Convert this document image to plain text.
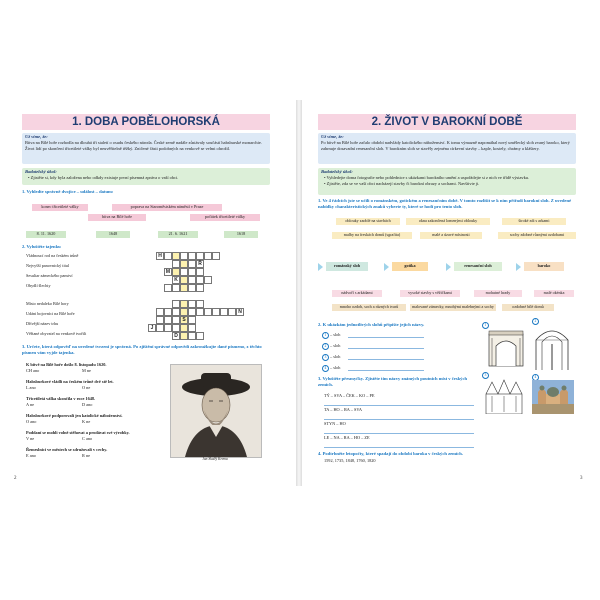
1. DOBA POBĚLOHORSKÁ
Už víme, že:
Bitva na Bílé hoře rozhodla na dlouhá tři staletí o osudu českého národa. České země nadále zůstávaly součástí habsburské monarchie. Život lidí po skončení třicetileté války byl neuvěřitelně těžký. Zničené části podobných na venkově se velmi ohrožil.
Badatelský úkol:
• Zjistěte si, kdy byla založena nebo odkdy existuje první písemná zpráva o vaší obci.
1. Vyhledte správně dvojice – událost – datum:
konec třicetileté války	poprava na Staroměstském náměstí v Praze
bitva na Bílé hoře	počátek třicetileté války
8. 11. 1620	1648	21. 6. 1621	1618
2. Vyluštěte tajenku
Vládnoucí rod na českém trůně
Nejvyšší panovnický titul
Sesuliar zámeckého panství
Obydlí šlechty
Místo nedaleko Bílé hory
Udáni bojovníci na Bílé hoře
Dřívější název trhu
Věřiané obyvatel na venkově tvořili
H
Ř
M
K
N
S
J
D
3. Určete, která odpověď na uvedené tvrzení je správná. Po zjištění správné odpovědi zakroužkujte dané písmeno, z těchto písmen vám vyjde tajenka.
K bitvě na Bílé hoře došlo 8. listopadu 1620.
CH ano	M ne
Habsburkové vládli na českém trůně dvě stě let.
L ano	O ne
Třicetiletá válka skončila v roce 1648.
A ne	D ano
Habsburkové podporovali jen katolické náboženství.
O ano	K ne
Poddaní se mohli volně stěhovat a prodávat své výrobky.
V ne	C ano
Řemeslníci ve městech se sdružovali v cechy.
E ano	R ne
Jan Skallý Krema
2
2. ŽIVOT V BAROKNÍ DOBĚ
Už víme, že:
Po bitvě na Bílé hoře začalo období nadvlády katolického náboženství. K tomu výmazně napomáhal nový umělecký sloh zvaný baroko, který zahrnuje dosavadní renesanční sloh. V barokním sloh se stavěly zejména církevní stavby – kaple, kostely, chrámy a kláštery.
Badatelský úkol:
• Vyhledejte doma fotografie nebo pohlednice s ukázkami barokního umění a uspořádejte si z nich ve třídě výstavku.
• Zjistěte, zda se ve vaší obci nacházejí stavby či barokní obrazy a sochami. Navštivte ji.
1. Ve 4 řádcích jste se učili o románském, gotickém a renesančním době. V tomto rozlišit se k nim přiřadí barokní sloh. Z uvedené nabídky charakteristických znaků vyberte ty, které se hodí pro tento sloh.
oblouky zaoblé na stavbách	okna zakončená lomenými oblouky	široké zdi s arkami
malby na freskách domů (sgrafita)	malé a úzavé místnosti	sochy zdobné různými ozdobami
románský sloh	gotika	renesanční sloh	baroko
nádvoří s arkádami	vysoké stavby s věžičkami	mohutné hrady	malé okénka
mnoho ozdob, soch a různých tvarů	malované zámecky, mnohými malebnými a sochy	ozdobné bílé domů
2. K ukázkám jednotlivých slohů připište jejich názvy.
1 – sloh
2 – sloh
3 – sloh
4 – sloh
1
2
3	4
3. Vyluštěte přesmyčky. Zjistěte tím názvy známých poutních míst v českých zemích.
TÝ – SVA – ČEK – KO – PE
TA – HO – RA – SVA
STYN – HO
LE – NA – RA – HO – ZE
4. Podtrhněte letopočty, které spadají do období baroka v českých zemích.
1592, 1735, 1848, 1760, 1820
3
